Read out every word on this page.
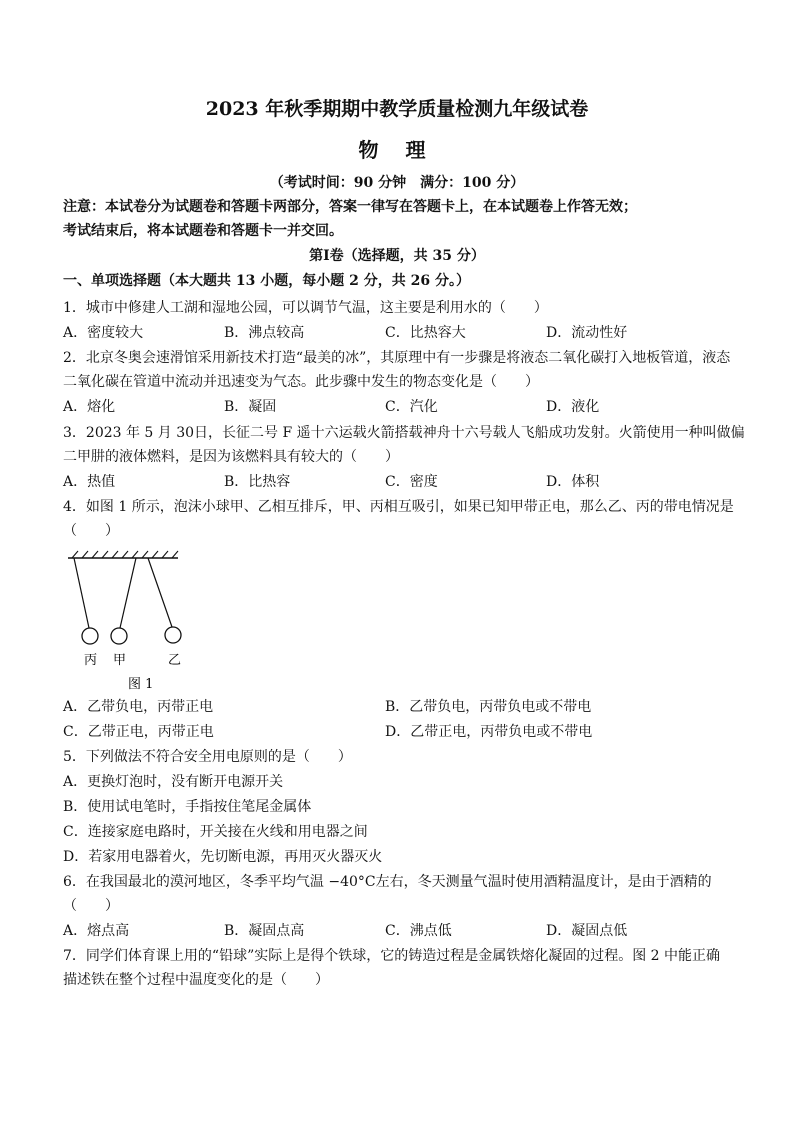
2023 年秋季期期中教学质量检测九年级试卷
物 理
（考试时间：90 分钟　满分：100 分）
注意：本试卷分为试题卷和答题卡两部分，答案一律写在答题卡上，在本试题卷上作答无效；
考试结束后，将本试题卷和答题卡一并交回。
第Ⅰ卷（选择题，共 35 分）
一、单项选择题（本大题共 13 小题，每小题 2 分，共 26 分。）
1．城市中修建人工湖和湿地公园，可以调节气温，这主要是利用水的（　　）
A．密度较大	B．沸点较高	C．比热容大	D．流动性好
2．北京冬奥会速滑馆采用新技术打造“最美的冰”，其原理中有一步骤是将液态二氧化碳打入地板管道，液态
二氧化碳在管道中流动并迅速变为气态。此步骤中发生的物态变化是（　　）
A．熔化	B．凝固	C．汽化	D．液化
3．2023 年 5 月 30日，长征二号 F 遥十六运载火箭搭载神舟十六号载人飞船成功发射。火箭使用一种叫做偏
二甲肼的液体燃料，是因为该燃料具有较大的（　　）
A．热值	B．比热容	C．密度	D．体积
4．如图 1 所示，泡沫小球甲、乙相互排斥，甲、丙相互吸引，如果已知甲带正电，那么乙、丙的带电情况是
（　　）
丙 甲	乙
图 1
A．乙带负电，丙带正电	B．乙带负电，丙带负电或不带电
C．乙带正电，丙带正电	D．乙带正电，丙带负电或不带电
5．下列做法不符合安全用电原则的是（　　）
A．更换灯泡时，没有断开电源开关
B．使用试电笔时，手指按住笔尾金属体
C．连接家庭电路时，开关接在火线和用电器之间
D．若家用电器着火，先切断电源，再用灭火器灭火
6．在我国最北的漠河地区，冬季平均气温 −40°C左右，冬天测量气温时使用酒精温度计，是由于酒精的
（　　）
A．熔点高	B．凝固点高	C．沸点低	D．凝固点低
7．同学们体育课上用的“铅球”实际上是得个铁球，它的铸造过程是金属铁熔化凝固的过程。图 2 中能正确
描述铁在整个过程中温度变化的是（　　）
